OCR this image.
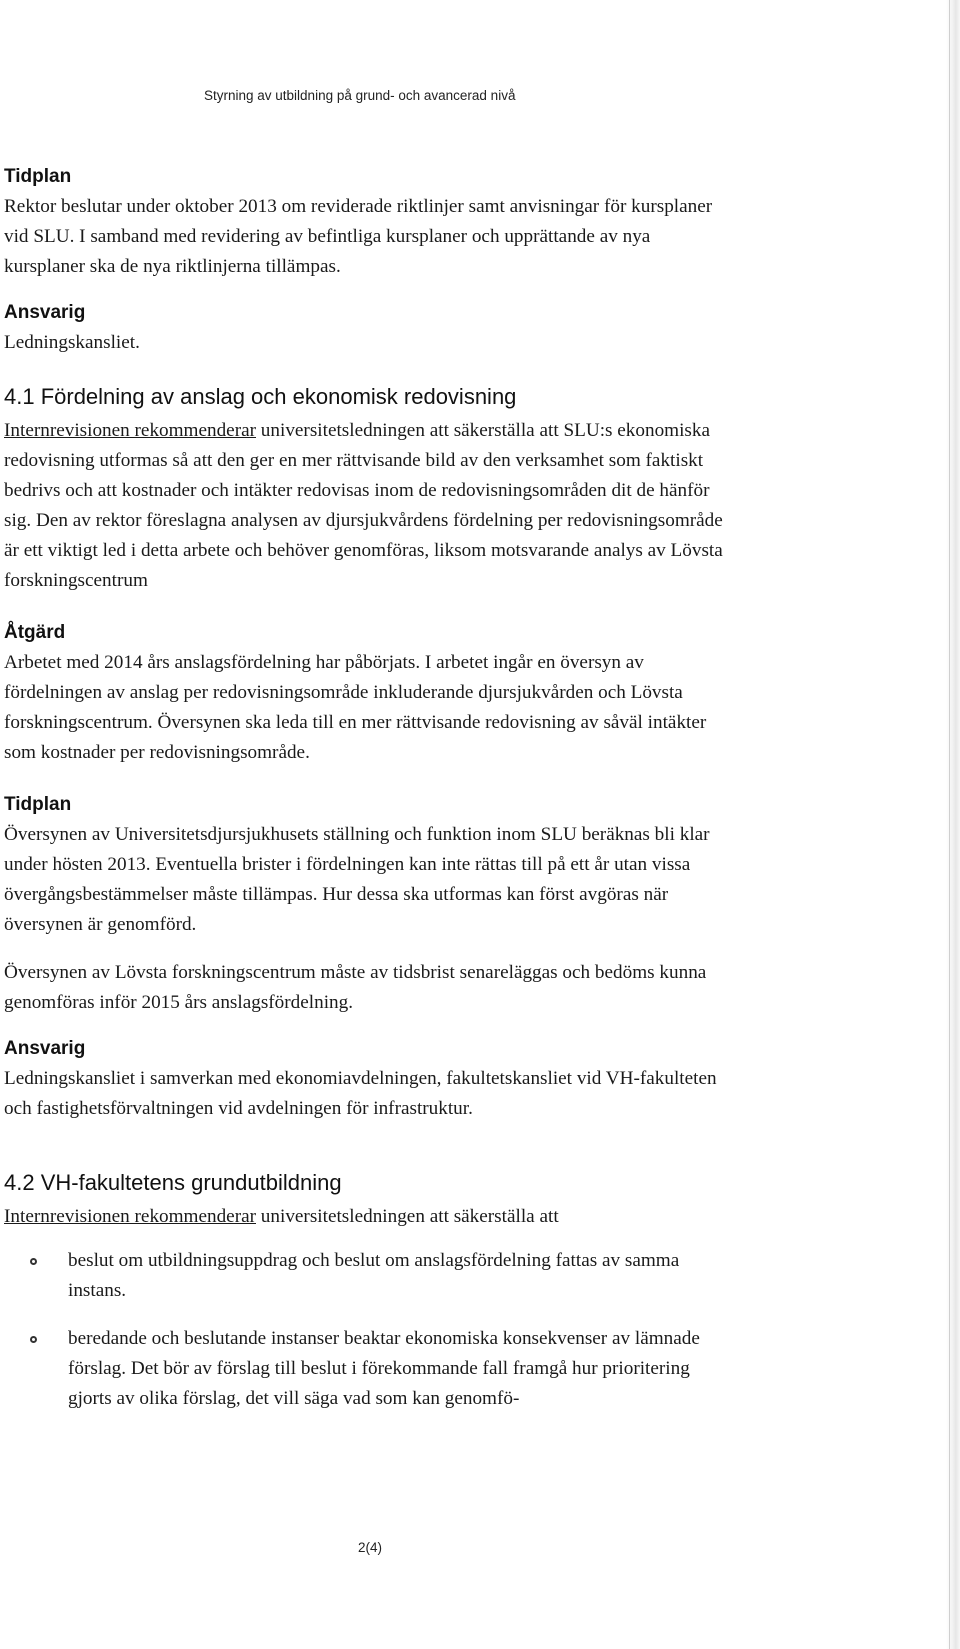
Styrning av utbildning på grund- och avancerad nivå
Tidplan

Rektor beslutar under oktober 2013 om reviderade riktlinjer samt anvisningar för kursplaner vid SLU. I samband med revidering av befintliga kursplaner och upprättande av nya kursplaner ska de nya riktlinjerna tillämpas.

Ansvarig

Ledningskansliet.

4.1 Fördelning av anslag och ekonomisk redovisning

Internrevisionen rekommenderar universitetsledningen att säkerställa att SLU:s ekonomiska redovisning utformas så att den ger en mer rättvisande bild av den verksamhet som faktiskt bedrivs och att kostnader och intäkter redovisas inom de redovisningsområden dit de hänför sig. Den av rektor föreslagna analysen av djursjukvårdens fördelning per redovisningsområde är ett viktigt led i detta arbete och behöver genomföras, liksom motsvarande analys av Lövsta forskningscentrum

Åtgärd

Arbetet med 2014 års anslagsfördelning har påbörjats. I arbetet ingår en översyn av fördelningen av anslag per redovisningsområde inkluderande djursjukvården och Lövsta forskningscentrum. Översynen ska leda till en mer rättvisande redovisning av såväl intäkter som kostnader per redovisningsområde.

Tidplan

Översynen av Universitetsdjursjukhusets ställning och funktion inom SLU beräknas bli klar under hösten 2013. Eventuella brister i fördelningen kan inte rättas till på ett år utan vissa övergångsbestämmelser måste tillämpas. Hur dessa ska utformas kan först avgöras när översynen är genomförd.

Översynen av Lövsta forskningscentrum måste av tidsbrist senareläggas och bedöms kunna genomföras inför 2015 års anslagsfördelning.

Ansvarig

Ledningskansliet i samverkan med ekonomiavdelningen, fakultetskansliet vid VH-fakulteten och fastighetsförvaltningen vid avdelningen för infrastruktur.

4.2 VH-fakultetens grundutbildning

Internrevisionen rekommenderar universitetsledningen att säkerställa att

beslut om utbildningsuppdrag och beslut om anslagsfördelning fattas av samma instans.

beredande och beslutande instanser beaktar ekonomiska konsekvenser av lämnade förslag. Det bör av förslag till beslut i förekommande fall framgå hur prioritering gjorts av olika förslag, det vill säga vad som kan genomfö-

2(4)
